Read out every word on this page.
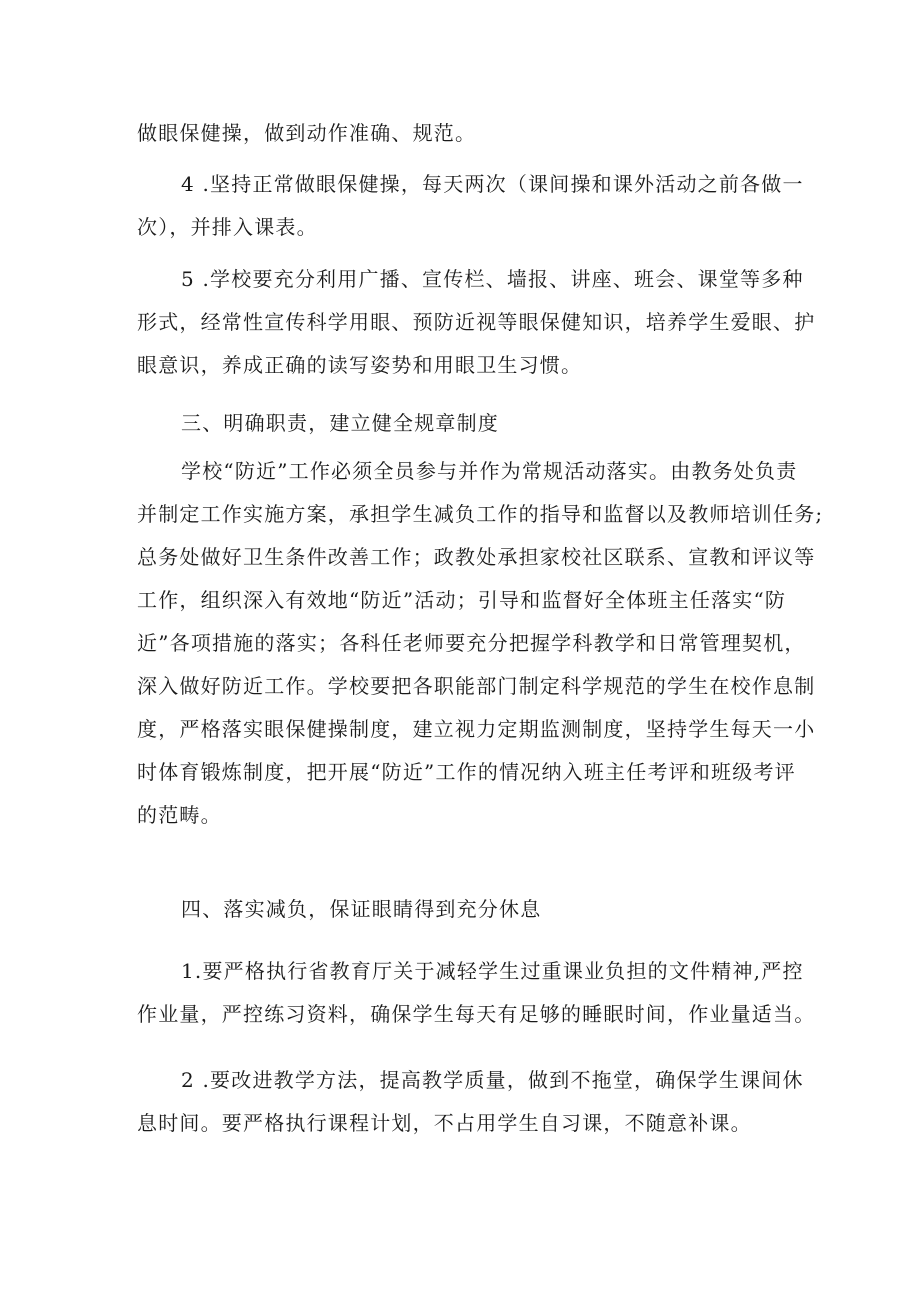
做眼保健操，做到动作准确、规范。
4 .坚持正常做眼保健操，每天两次（课间操和课外活动之前各做一
次），并排入课表。
5 .学校要充分利用广播、宣传栏、墙报、讲座、班会、课堂等多种
形式，经常性宣传科学用眼、预防近视等眼保健知识，培养学生爱眼、护
眼意识，养成正确的读写姿势和用眼卫生习惯。
三、明确职责，建立健全规章制度
学校“防近”工作必须全员参与并作为常规活动落实。由教务处负责
并制定工作实施方案，承担学生减负工作的指导和监督以及教师培训任务;
总务处做好卫生条件改善工作；政教处承担家校社区联系、宣教和评议等
工作，组织深入有效地“防近”活动；引导和监督好全体班主任落实“防
近”各项措施的落实；各科任老师要充分把握学科教学和日常管理契机，
深入做好防近工作。学校要把各职能部门制定科学规范的学生在校作息制
度，严格落实眼保健操制度，建立视力定期监测制度，坚持学生每天一小
时体育锻炼制度，把开展“防近”工作的情况纳入班主任考评和班级考评
的范畴。
四、落实减负，保证眼睛得到充分休息
1.要严格执行省教育厅关于减轻学生过重课业负担的文件精神,严控
作业量，严控练习资料，确保学生每天有足够的睡眠时间，作业量适当。
2 .要改进教学方法，提高教学质量，做到不拖堂，确保学生课间休
息时间。要严格执行课程计划，不占用学生自习课，不随意补课。
